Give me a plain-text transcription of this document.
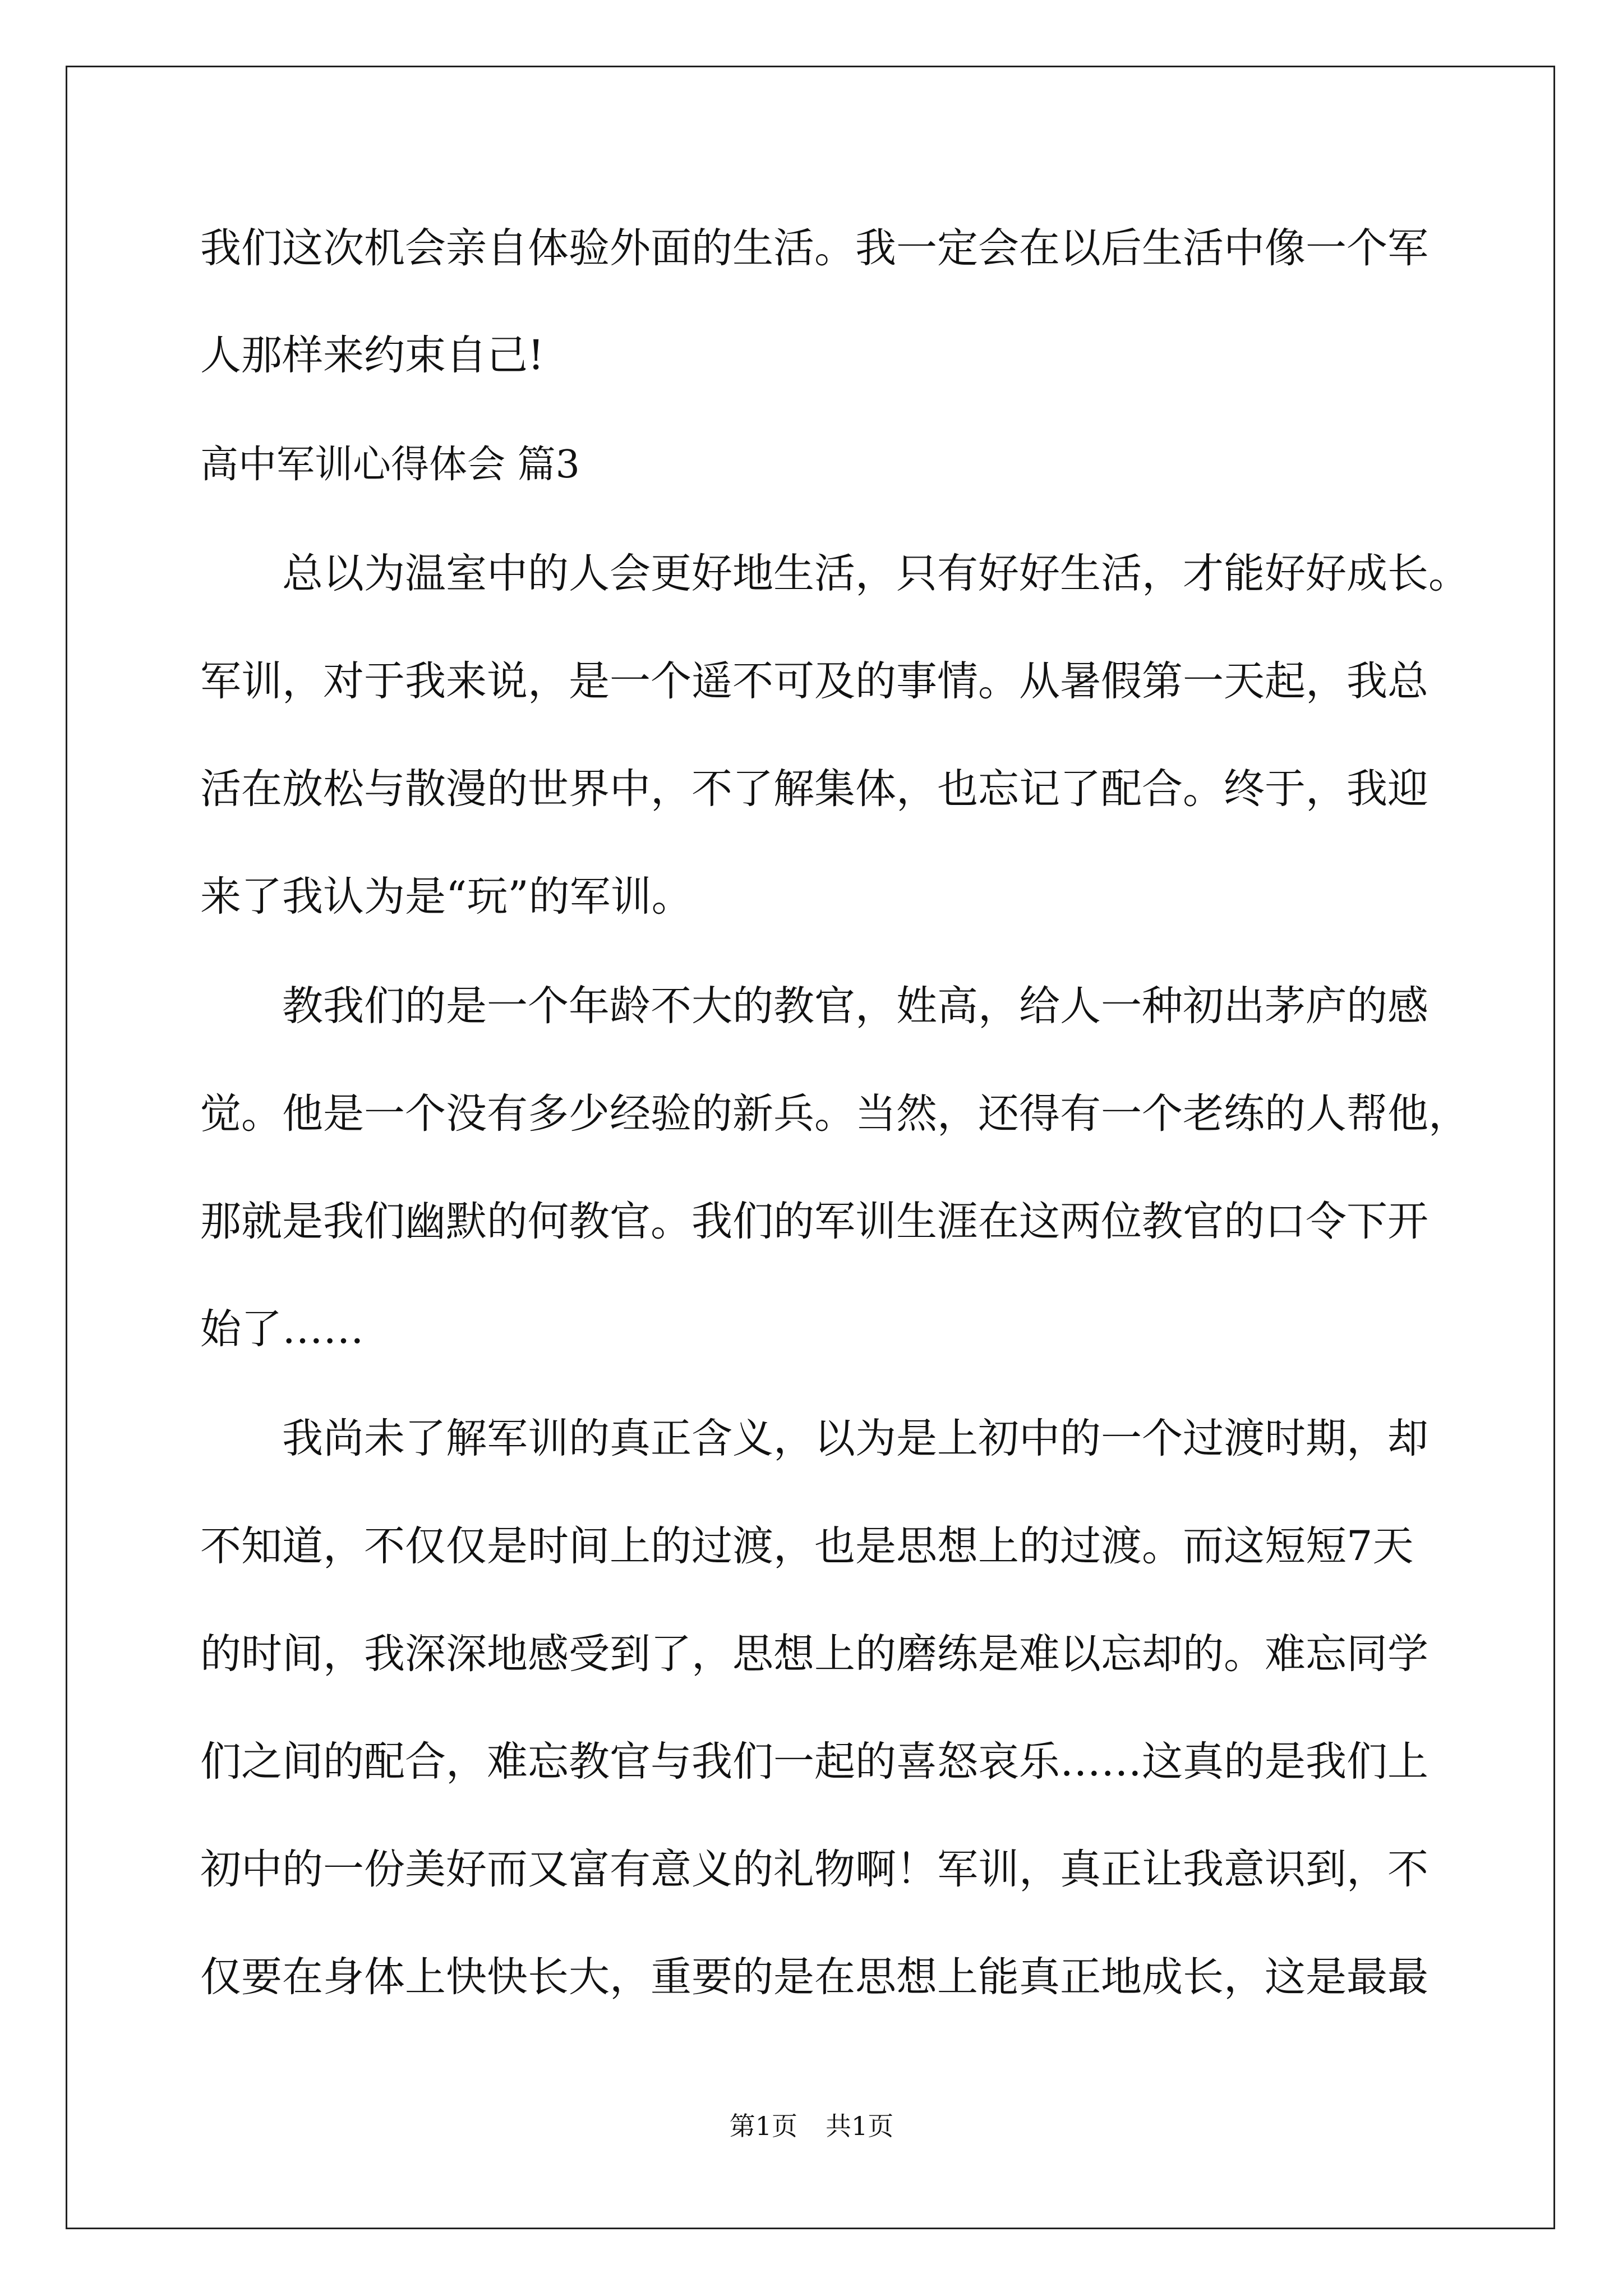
我们这次机会亲自体验外面的生活。我一定会在以后生活中像一个军
人那样来约束自己!
高中军训心得体会 篇3
总以为温室中的人会更好地生活，只有好好生活，才能好好成长。
军训，对于我来说，是一个遥不可及的事情。从暑假第一天起，我总
活在放松与散漫的世界中，不了解集体，也忘记了配合。终于，我迎
来了我认为是“玩”的军训。
教我们的是一个年龄不大的教官，姓高，给人一种初出茅庐的感
觉。他是一个没有多少经验的新兵。当然，还得有一个老练的人帮他，
那就是我们幽默的何教官。我们的军训生涯在这两位教官的口令下开
始了……
我尚未了解军训的真正含义，以为是上初中的一个过渡时期，却
不知道，不仅仅是时间上的过渡，也是思想上的过渡。而这短短7天
的时间，我深深地感受到了，思想上的磨练是难以忘却的。难忘同学
们之间的配合，难忘教官与我们一起的喜怒哀乐……这真的是我们上
初中的一份美好而又富有意义的礼物啊！军训，真正让我意识到，不
仅要在身体上快快长大，重要的是在思想上能真正地成长，这是最最
第1页 共1页
